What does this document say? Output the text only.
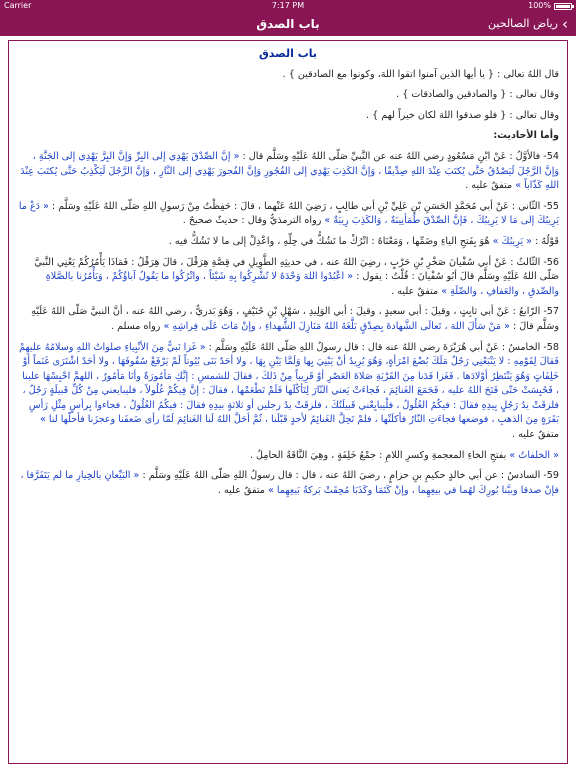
Carrier	7:17 PM	100%
باب الصدق	›
رياض الصالحين
باب الصدق

قال اللهُ تعالى : { يا أيها الذين آمنوا اتقوا اللهَ، وكونوا مع الصادقين } .

وقال تعالى : { والصادقين والصادقات } .

وقال تعالى : { فلو صدقوا اللهَ لكان خيراً لهم } .

وأما الأحاديث:

54- فالأوَّلُ : عَنْ ابْنِ مَسْعُودٍ رضي اللهُ عنه عن النَّبيِّ صَلّى اللهُ عَلَيْهِ وسَلَّم قال : « إنَّ الصِّدْقَ يَهْدِي إلى البِرِّ وَإنَّ البِرَّ يَهْدِي إلى الجَنَّةِ ، وَإنَّ الرَّجُلَ لَيَصْدُقُ حَتَّى يُكتَبَ عِنْدَ اللهِ صِدِّيقًا ، وَإنَّ الكَذِبَ يَهْدِي إلى الفُجُورِ وَإنَّ الفُجورَ يَهْدِي إلى النَّارِ ، وَإنَّ الرَّجُلَ لَيَكْذِبُ حَتَّى يُكتَبَ عِنْدَ اللهِ كَذّاباً » متفقٌ عليه .

55- الثّاني : عَنْ أبي مُحَمَّدٍ الحَسَنِ بْنِ عَلِيِّ بْنِ أبي طالِبٍ ، رَضِيَ اللهُ عَنْهما ، قالَ : حَفِظْتُ مِنْ رَسولِ اللهِ صَلّى اللهُ عَلَيْهِ وسَلَّم : « دَعْ ما يَرِيبُكَ إلى مَا لا يَرِيبُكَ ، فَإنَّ الصِّدْقَ طُمَأنِينَةٌ ، وَالكَذِبَ رِيبَةٌ » رواه الترمذيُّ وقال : حديثٌ صحيحٌ .

قَوْلُهُ : « يَرِيبُكَ » هُوَ بِفَتحِ الياءِ وضَمِّها ، وَمَعْنَاهُ : اتْرُكْ ما تَشُكُّ في حِلِّهِ ، واعْدِلْ إلى ما لا تَشُكُّ فيه .

56- الثّالثُ : عَنْ أبي سُفْيانَ صَخْرِ بْنِ حَرْبٍ ، رضِيَ اللهُ عنه ، في حديثِهِ الطَّوِيلِ في قِصَّةِ هِرَقْلَ ، قالَ هِرَقْلُ : فَمَاذَا يَأْمُرُكُمْ يَعْنِي النَّبيَّ صَلّى اللهُ عَلَيْهِ وسَلَّم قالَ أبُو سُفْيانَ : قُلْتُ : يقول : « اعْبُدُوا اللهَ وَحْدَهُ لا تُشْرِكُوا بِهِ شَيْئاً ، واتْرُكُوا ما يَقُولُ آباؤُكُمْ ، وَيَأْمُرُنا بالصَّلاةِ والصِّدقِ ، والعَفافِ ، والصِّلَةِ » متفقٌ عليه .

57- الرّابعُ : عَنْ أبي ثابِتٍ ، وقيلَ : أبي سعيدٍ ، وقيلَ : أبي الوَلِيدِ ، سَهْلِ بْنِ حُنَيْفٍ ، وَهُوَ بَدريٌّ ، رضي اللهُ عنه ، أنَّ النبيَّ صَلّى اللهُ عَلَيْهِ وسَلَّم قالَ : « مَنْ سَأَلَ اللهَ ، تَعالَى الشَّهادةَ بِصِدْقٍ بَلَّغَهُ اللهُ مَنَازِلَ الشُّهداءِ ، وإنْ مَاتَ عَلَى فِراشِهِ » رواه مسلم .

58- الخامسُ : عَنْ أبي هُرَيْرَةَ رضي اللهُ عنه قال : قال رسولُ اللهِ صَلّى اللهُ عَلَيْهِ وسَلَّم : « غَزا نَبيٌّ مِنَ الأنْبِياءِ صلواتُ اللهِ وسلامُهُ عليهِمْ فَقالَ لِقَوْمِهِ : لا يَتْبَعْنِي رَجُلٌ مَلَكَ بُضْعَ امْرَأةٍ، وَهُوَ يُرِيدُ أنْ يَبْنِيَ بِها وَلَمَّا يَبْنِ بِهَا ، ولا أحَدٌ بَنَى بُيُوتاً لَمْ يَرْفَعْ سُقُوفَهَا ، ولا أحَدٌ اشْتَرَى غَنَماً أوْ خَلِفَاتٍ وَهُوَ يَنْتَظِرُ أوْلادَها . فَغَزا فَدَنا مِنَ القَرْيَةِ صَلاةَ العَصْرِ أوْ قَرِيباً مِنْ ذَلكَ ، فقالَ للشمسِ : إنَّكِ مَأمُورَةٌ وأنَا مَأمُورٌ ، اللهمَّ احْبِسْهَا علينا ، فَحُبِسَتْ حَتّى فَتَحَ اللهُ عليه ، فَجَمَعَ الغَنائِمَ ، فَجاءَتْ يَعني النّارَ لِتَأكُلَها فَلَمْ تَطْعَمْها ، فقالَ : إنَّ فِيكُمْ غُلُولاً ، فليبايعني مِنْ كُلِّ قَبيلَةٍ رَجُلٌ ، فلزقَتْ يدُ رَجُلٍ بِيدِهِ فقالَ : فيكُمُ الغُلُولُ ، فلْيبايِعْني قَبيلَتُكَ ، فلزقَتْ يدُ رجلين أو ثلاثةٍ بيدِهِ فقالَ : فيكُمُ الغُلُولُ ، فجاءوا بِرأسٍ مِثْلِ رَأسِ بَقَرَةٍ مِنَ الذهبِ ، فوضعها فجاءَتِ النّارُ فأكلَتْها ، فلمْ تَحِلَّ الغَنائِمُ لأحدٍ قَبْلَنا ، ثُمَّ أحَلَّ اللهُ لَنا الغَنائِمَ لَمّا رأى ضَعفَنا وعجزَنا فأحلّها لنا » متفقٌ عليه .

« الخلفاتُ » بفتحِ الخاءِ المعجمةِ وكسرِ اللامِ : جمْعُ خَلِفَةٍ ، وهِيَ النَّاقَةُ الحامِلُ .

59- السادسُ : عن أبي خالدٍ حكيمِ بنِ حزامٍ ، رضيَ اللهُ عنه ، قال : قال رسولُ اللهِ صَلّى اللهُ عَلَيْهِ وسَلَّم : « البَيِّعانِ بالخِيارِ ما لم يَتَفَرَّقا ، فإنْ صدقا وبيَّنا بُورِكَ لهُما في بيعِهِما ، وإنْ كَتَمَا وكَذَبَا مُحِقَتْ بَركةُ بَيعِهِما » متفقٌ عليه .
